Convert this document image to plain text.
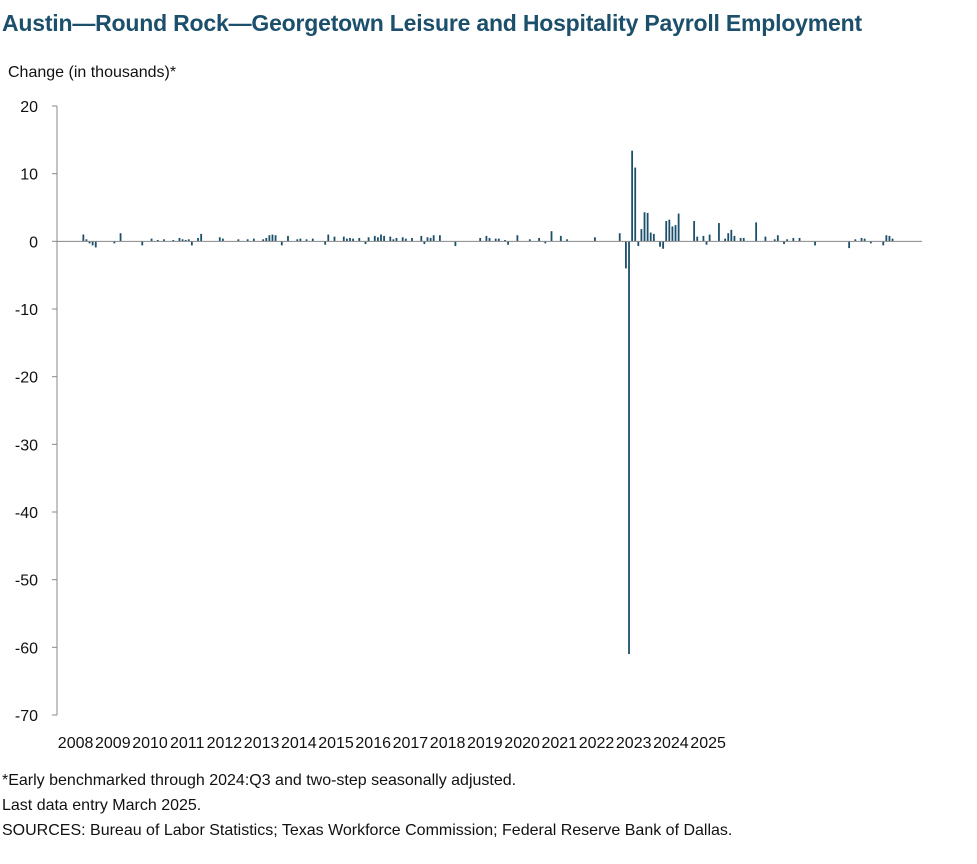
Austin—Round Rock—Georgetown Leisure and Hospitality Payroll Employment
Change (in thousands)*
20
10
0
-10
-20
-30
-40
-50
-60
-70
2008 2009 2010 2011 2012 2013 2014 2015 2016 2017 2018 2019 2020 2021 2022 2023 2024 2025
*Early benchmarked through 2024:Q3 and two-step seasonally adjusted.
Last data entry March 2025.
SOURCES: Bureau of Labor Statistics; Texas Workforce Commission; Federal Reserve Bank of Dallas.
